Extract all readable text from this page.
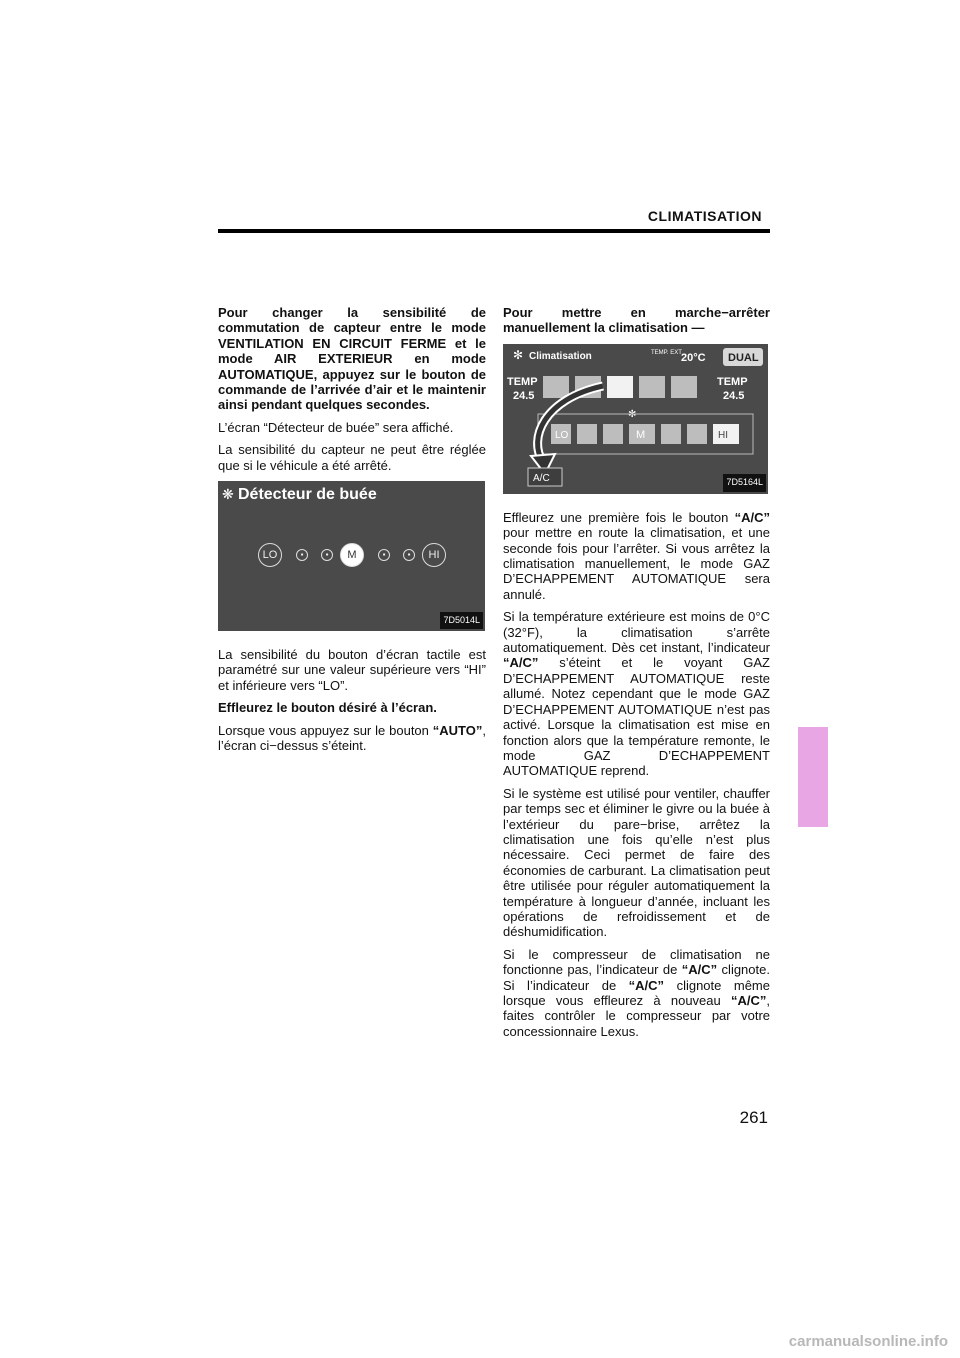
CLIMATISATION

Pour changer la sensibilité de commutation de capteur entre le mode VENTILATION EN CIRCUIT FERME et le mode AIR EXTERIEUR en mode AUTOMATIQUE, appuyez sur le bouton de commande de l’arrivée d’air et le maintenir ainsi pendant quelques secondes.

L’écran “Détecteur de buée” sera affiché.

La sensibilité du capteur ne peut être réglée que si le véhicule a été arrêté.

❋ Détecteur de buée
LO	▪	▪	M	▪	▪	HI
7D5014L

La sensibilité du bouton d’écran tactile est paramétré sur une valeur supérieure vers “HI” et inférieure vers “LO”.

Effleurez le bouton désiré à l’écran.

Lorsque vous appuyez sur le bouton “AUTO”, l’écran ci−dessus s’éteint.

Pour mettre en marche−arrêter manuellement la climatisation —

✻ Climatisation	TEMP. EXT 20°C DUAL
TEMP
24.5
TEMP
24.5
✻
LO	M	HI
A/C	7D5164L

Effleurez une première fois le bouton “A/C” pour mettre en route la climatisation, et une seconde fois pour l’arrêter. Si vous arrêtez la climatisation manuellement, le mode GAZ D’ECHAPPEMENT AUTOMATIQUE sera annulé.

Si la température extérieure est moins de 0°C (32°F), la climatisation s’arrête automatiquement. Dès cet instant, l’indicateur “A/C” s’éteint et le voyant GAZ D’ECHAPPEMENT AUTOMATIQUE reste allumé. Notez cependant que le mode GAZ D’ECHAPPEMENT AUTOMATIQUE n’est pas activé. Lorsque la climatisation est mise en fonction alors que la température remonte, le mode GAZ D’ECHAPPEMENT AUTOMATIQUE reprend.

Si le système est utilisé pour ventiler, chauffer par temps sec et éliminer le givre ou la buée à l’extérieur du pare−brise, arrêtez la climatisation une fois qu’elle n’est plus nécessaire. Ceci permet de faire des économies de carburant. La climatisation peut être utilisée pour réguler automatiquement la température à longueur d’année, incluant les opérations de refroidissement et de déshumidification.

Si le compresseur de climatisation ne fonctionne pas, l’indicateur de “A/C” clignote. Si l’indicateur de “A/C” clignote même lorsque vous effleurez à nouveau “A/C”, faites contrôler le compresseur par votre concessionnaire Lexus.

261
carmanualsonline.info
